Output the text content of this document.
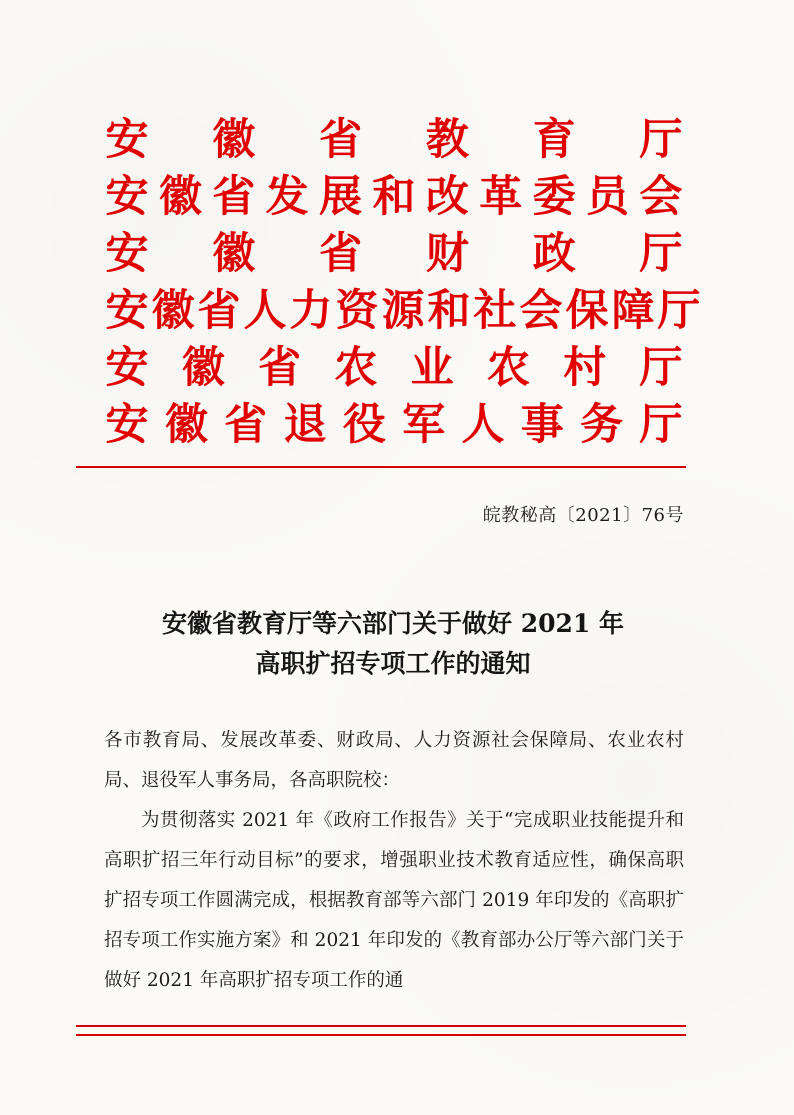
安 徽 省 教 育 厅
安 徽 省 发 展 和 改 革 委 员 会
安 徽 省 财 政 厅
安 徽 省 人 力 资 源 和 社 会 保 障 厅
安 徽 省 农 业 农 村 厅
安 徽 省 退 役 军 人 事 务 厅
皖教秘高〔2021〕76号
安徽省教育厅等六部门关于做好 2021 年
高职扩招专项工作的通知

各市教育局、发展改革委、财政局、人力资源社会保障局、农业农村局、退役军人事务局，各高职院校：

为贯彻落实 2021 年《政府工作报告》关于“完成职业技能提升和高职扩招三年行动目标”的要求，增强职业技术教育适应性，确保高职扩招专项工作圆满完成，根据教育部等六部门 2019 年印发的《高职扩招专项工作实施方案》和 2021 年印发的《教育部办公厅等六部门关于做好 2021 年高职扩招专项工作的通
